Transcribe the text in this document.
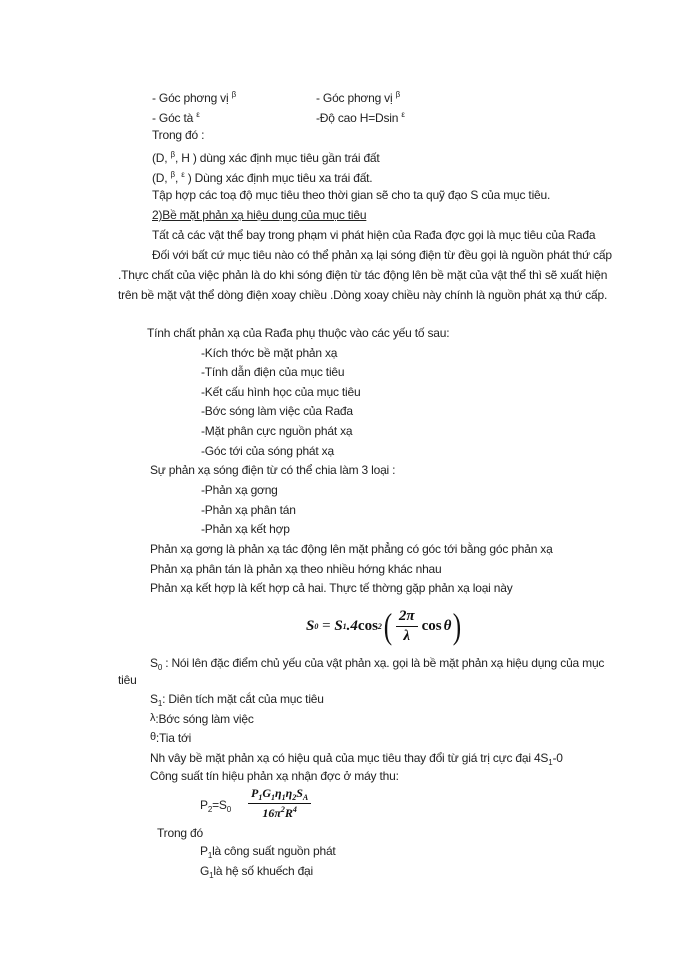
- Góc phơng vị $^\beta$	- Góc phơng vị $^\beta$
- Góc tà $^\varepsilon$	-Độ cao H=Dsin $^\varepsilon$
Trong đó :
(D, $^\beta$, H ) dùng xác định mục tiêu gần trái đất
(D, $^\beta$, $^\varepsilon$ ) Dùng xác định mục tiêu xa trái đất.
Tập hợp các toạ độ mục tiêu theo thời gian sẽ cho ta quỹ đạo S của mục tiêu.
2)Bề mặt phản xạ hiệu dụng của mục tiêu
Tất cả các vật thể bay trong phạm vi phát hiện của Rađa đợc gọi là mục tiêu của Rađa
Đối với bất cứ mục tiêu nào có thể phản xạ lại sóng điện từ đều gọi là nguồn phát thứ cấp
.Thực chất của việc phản là do khi sóng điện từ tác động lên bề mặt của vật thể thì sẽ xuất hiện
trên bề mặt vật thể dòng điện xoay chiều .Dòng xoay chiều này chính là nguồn phát xạ thứ cấp.
Tính chất phản xạ của Rađa phụ thuộc vào các yếu tố sau:
-Kích thớc bề mặt phản xạ
-Tính dẫn điện của mục tiêu
-Kết cấu hình học của mục tiêu
-Bớc sóng làm việc của Rađa
-Mặt phân cực nguồn phát xạ
-Góc tới của sóng phát xạ
Sự phản xạ sóng điện từ có thể chia làm 3 loại :
-Phản xạ gơng
-Phản xạ phân tán
-Phản xạ kết hợp
Phản xạ gơng là phản xạ tác động lên mặt phẳng có góc tới bằng góc phản xạ
Phản xạ phân tán là phản xạ theo nhiều hớng khác nhau
Phản xạ kết hợp là kết hợp cả hai. Thực tế thờng gặp phản xạ loại này
S 0 = S 1 .4 cos 2 ( $\frac{2\pi}{\lambda}$ cos θ )
$S_0$ : Nói lên đặc điểm chủ yếu của vật phản xạ. gọi là bề mặt phản xạ hiệu dụng của mục
tiêu
$S_1$: Diên tích mặt cắt của mục tiêu
λ:Bớc sóng làm việc
θ:Tia tới
Nh vây bề mặt phản xạ có hiệu quả của mục tiêu thay đổi từ giá trị cực đại $4S_1-0$
Công suất tín hiệu phản xạ nhận đợc ở máy thu:
$P_2=S_0 \frac{P_1G_1\eta_1\eta_2S_A}{16\pi^2R^4}$
Trong đó
$P_1là$ công suất nguồn phát
$G_1là$ hệ số khuếch đại
